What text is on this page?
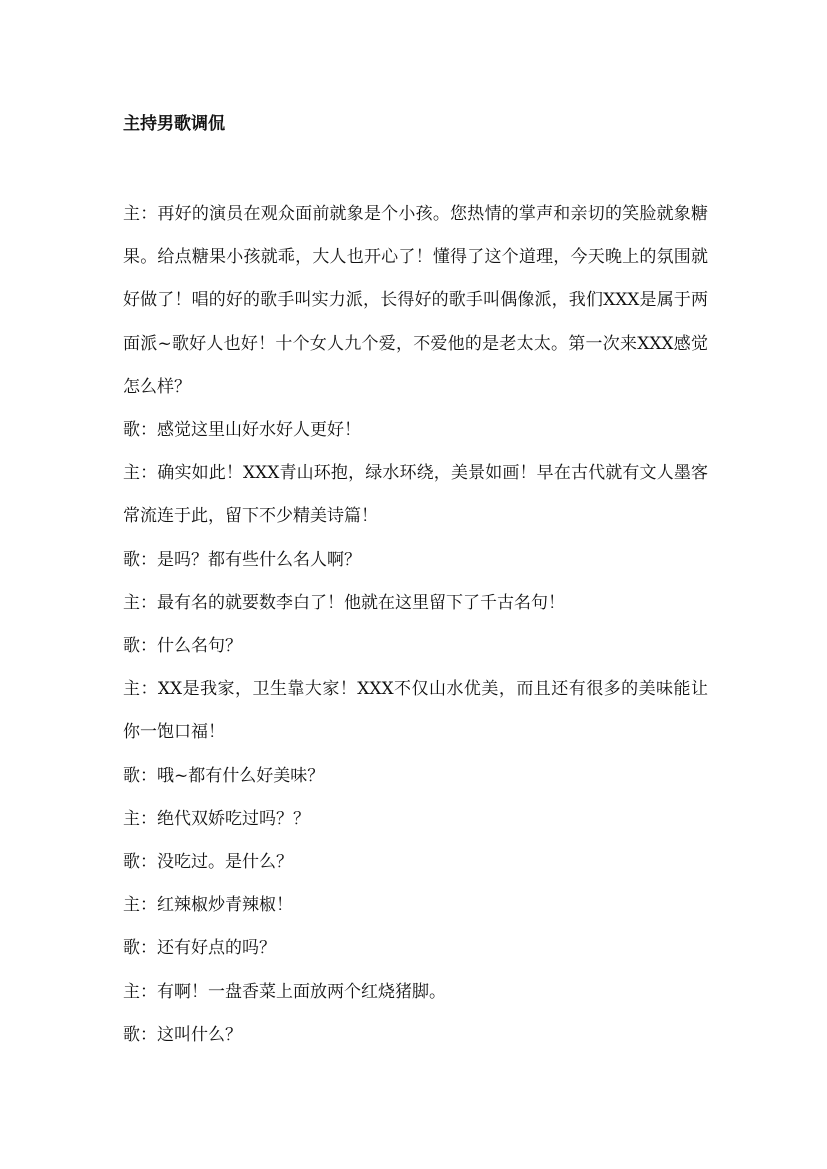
主持男歌调侃

主：再好的演员在观众面前就象是个小孩。您热情的掌声和亲切的笑脸就象糖果。给点糖果小孩就乖，大人也开心了！懂得了这个道理，今天晚上的氛围就好做了！唱的好的歌手叫实力派，长得好的歌手叫偶像派，我们XXX是属于两面派~歌好人也好！十个女人九个爱，不爱他的是老太太。第一次来XXX感觉怎么样？

歌：感觉这里山好水好人更好！

主：确实如此！XXX青山环抱，绿水环绕，美景如画！早在古代就有文人墨客常流连于此，留下不少精美诗篇！

歌：是吗？都有些什么名人啊？

主：最有名的就要数李白了！他就在这里留下了千古名句！

歌：什么名句？

主：XX是我家，卫生靠大家！XXX不仅山水优美，而且还有很多的美味能让你一饱口福！

歌：哦~都有什么好美味？

主：绝代双娇吃过吗？？

歌：没吃过。是什么？

主：红辣椒炒青辣椒！

歌：还有好点的吗？

主：有啊！一盘香菜上面放两个红烧猪脚。

歌：这叫什么？
